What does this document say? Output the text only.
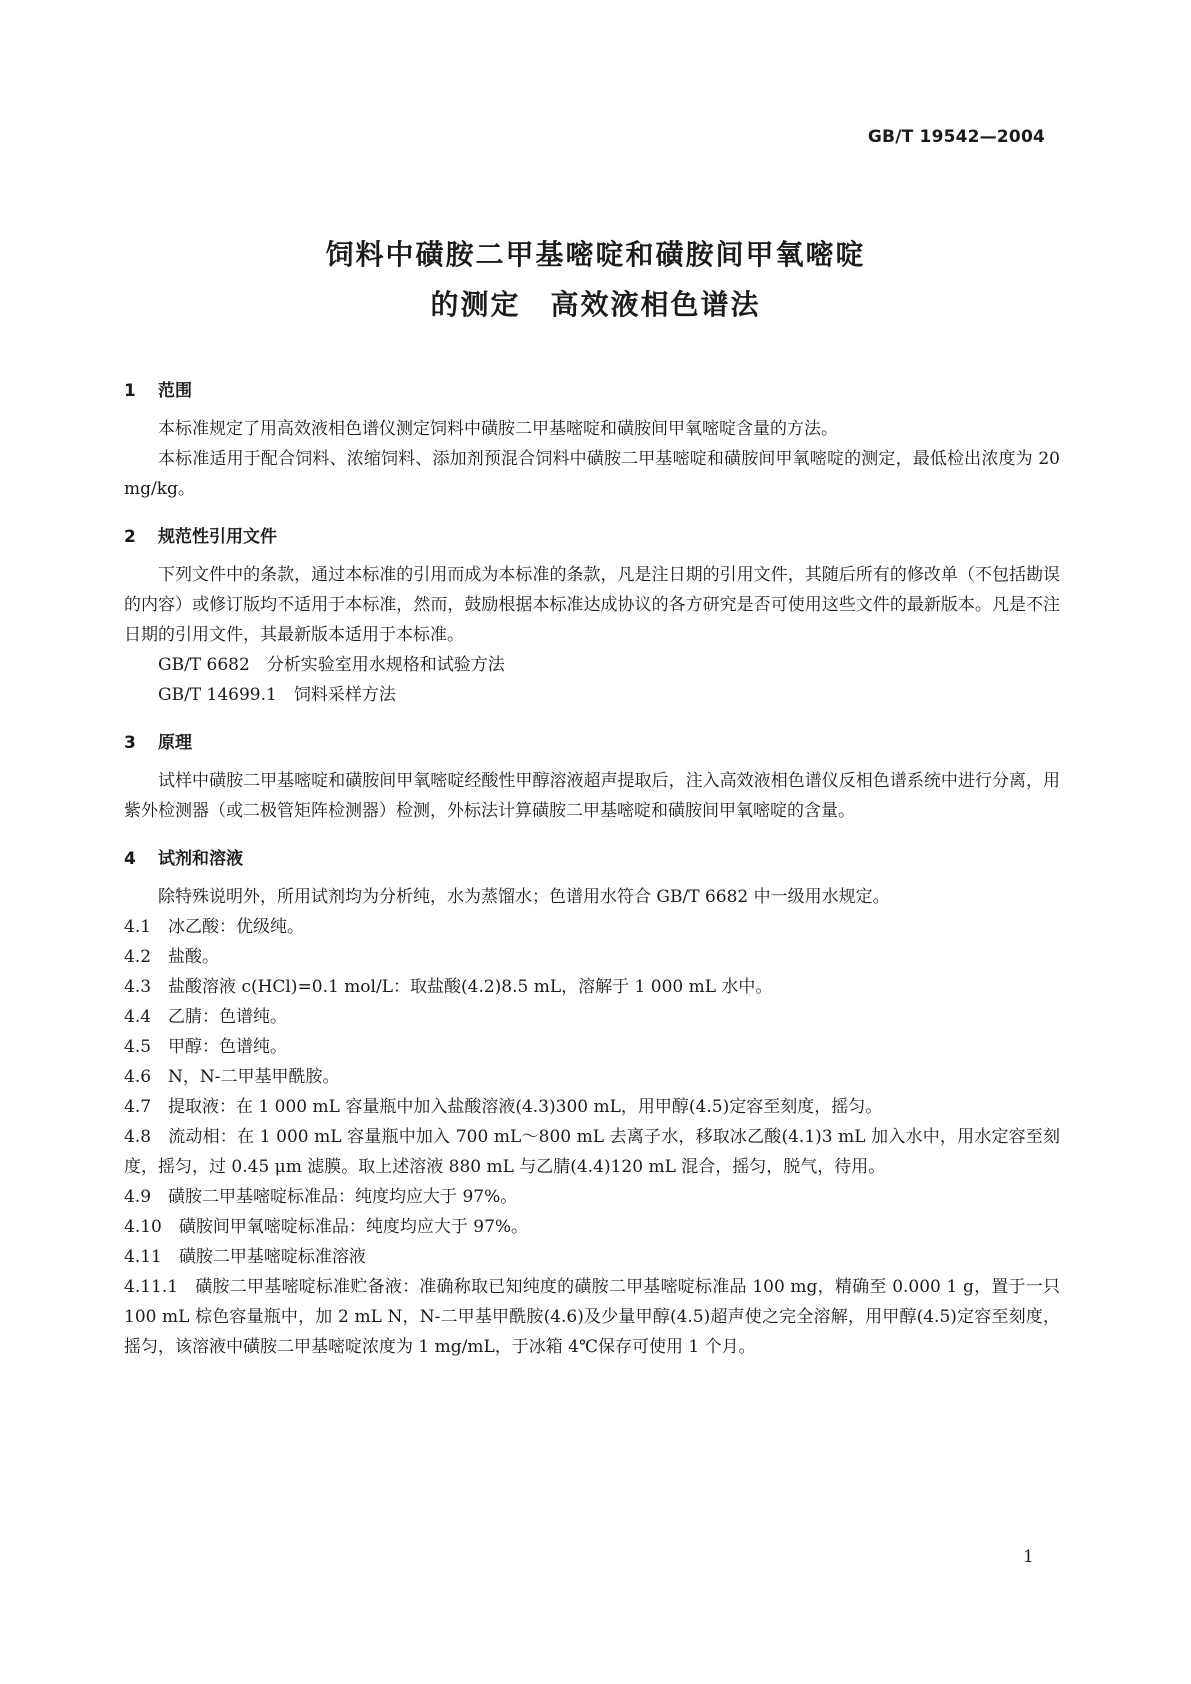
GB/T 19542—2004
饲料中磺胺二甲基嘧啶和磺胺间甲氧嘧啶
的测定　高效液相色谱法
1 范围

本标准规定了用高效液相色谱仪测定饲料中磺胺二甲基嘧啶和磺胺间甲氧嘧啶含量的方法。

本标准适用于配合饲料、浓缩饲料、添加剂预混合饲料中磺胺二甲基嘧啶和磺胺间甲氧嘧啶的测定，最低检出浓度为 20 mg/kg。

2 规范性引用文件

下列文件中的条款，通过本标准的引用而成为本标准的条款，凡是注日期的引用文件，其随后所有的修改单（不包括勘误的内容）或修订版均不适用于本标准，然而，鼓励根据本标准达成协议的各方研究是否可使用这些文件的最新版本。凡是不注日期的引用文件，其最新版本适用于本标准。

GB/T 6682　分析实验室用水规格和试验方法

GB/T 14699.1　饲料采样方法

3 原理

试样中磺胺二甲基嘧啶和磺胺间甲氧嘧啶经酸性甲醇溶液超声提取后，注入高效液相色谱仪反相色谱系统中进行分离，用紫外检测器（或二极管矩阵检测器）检测，外标法计算磺胺二甲基嘧啶和磺胺间甲氧嘧啶的含量。

4 试剂和溶液

除特殊说明外，所用试剂均为分析纯，水为蒸馏水；色谱用水符合 GB/T 6682 中一级用水规定。

4.1 冰乙酸：优级纯。

4.2 盐酸。

4.3 盐酸溶液 c(HCl)=0.1 mol/L：取盐酸(4.2)8.5 mL，溶解于 1 000 mL 水中。

4.4 乙腈：色谱纯。

4.5 甲醇：色谱纯。

4.6 N，N-二甲基甲酰胺。

4.7 提取液：在 1 000 mL 容量瓶中加入盐酸溶液(4.3)300 mL，用甲醇(4.5)定容至刻度，摇匀。

4.8 流动相：在 1 000 mL 容量瓶中加入 700 mL～800 mL 去离子水，移取冰乙酸(4.1)3 mL 加入水中，用水定容至刻度，摇匀，过 0.45 μm 滤膜。取上述溶液 880 mL 与乙腈(4.4)120 mL 混合，摇匀，脱气，待用。

4.9 磺胺二甲基嘧啶标准品：纯度均应大于 97%。

4.10 磺胺间甲氧嘧啶标准品：纯度均应大于 97%。

4.11 磺胺二甲基嘧啶标准溶液

4.11.1 磺胺二甲基嘧啶标准贮备液：准确称取已知纯度的磺胺二甲基嘧啶标准品 100 mg，精确至 0.000 1 g，置于一只 100 mL 棕色容量瓶中，加 2 mL N，N-二甲基甲酰胺(4.6)及少量甲醇(4.5)超声使之完全溶解，用甲醇(4.5)定容至刻度，摇匀，该溶液中磺胺二甲基嘧啶浓度为 1 mg/mL，于冰箱 4℃保存可使用 1 个月。

1
